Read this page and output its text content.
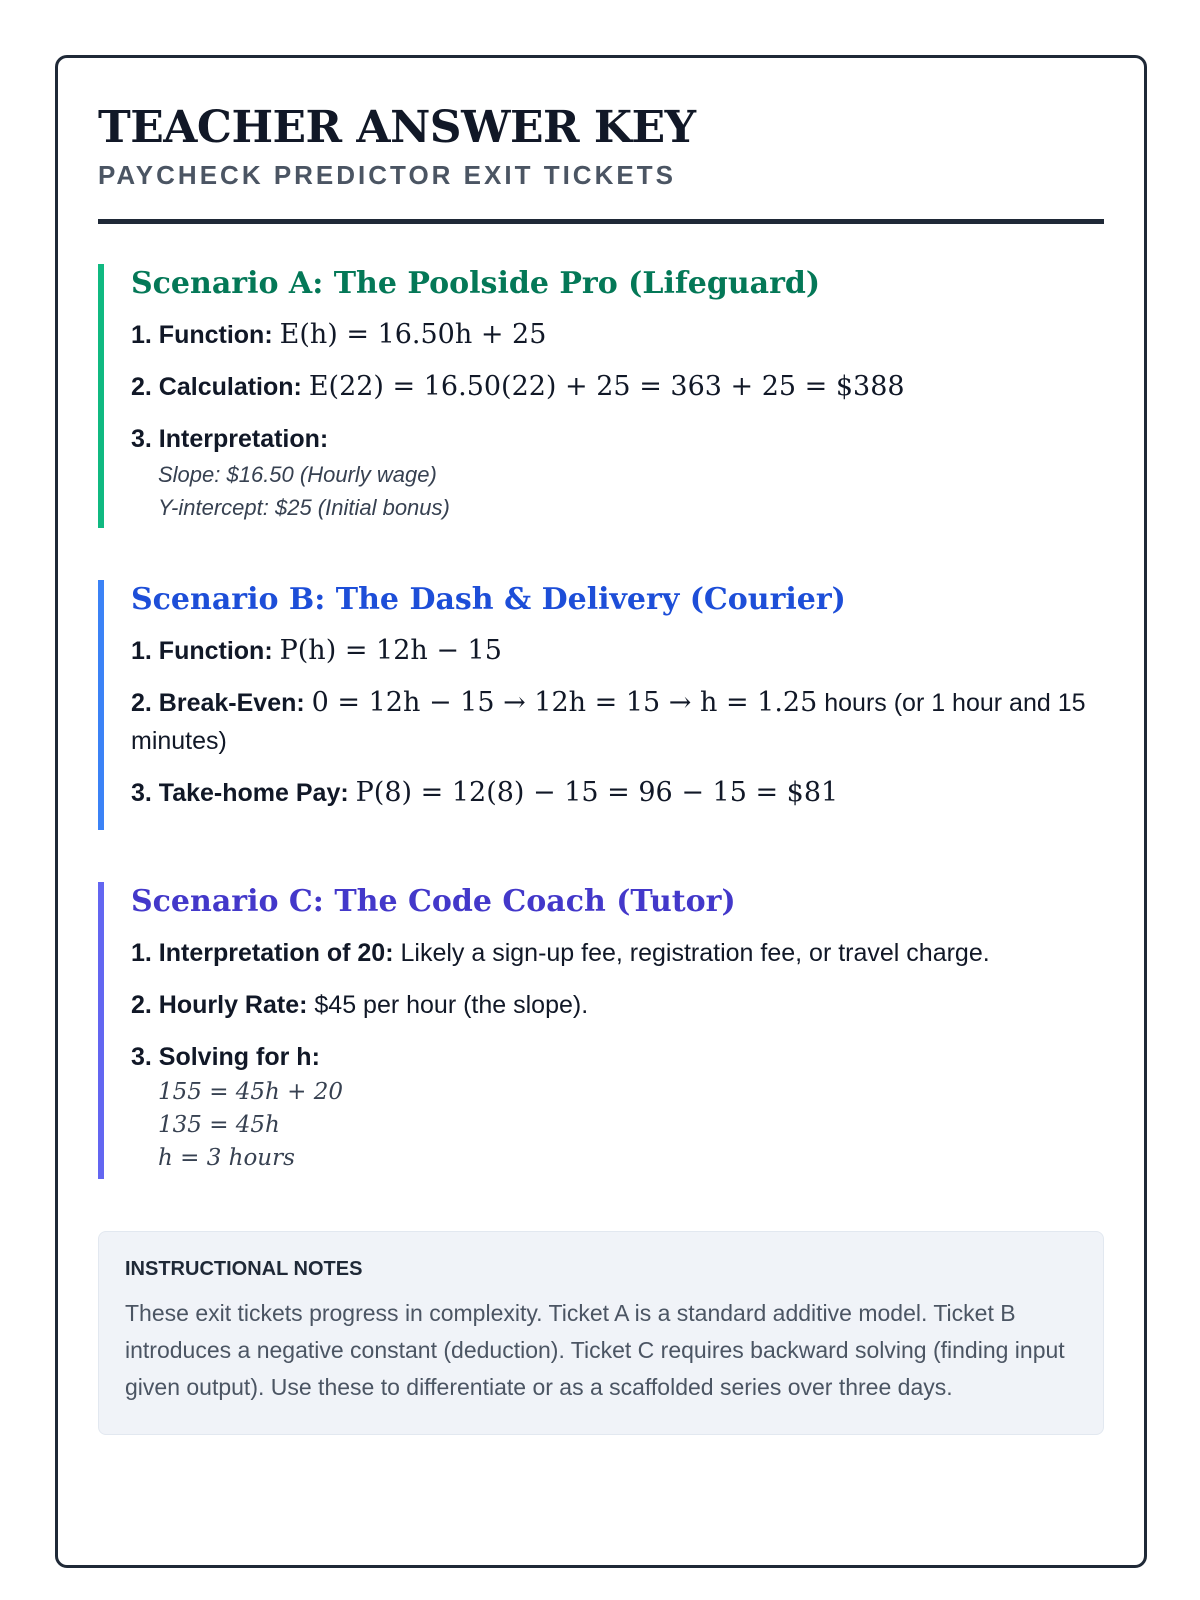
TEACHER ANSWER KEY
PAYCHECK PREDICTOR EXIT TICKETS
Scenario A: The Poolside Pro (Lifeguard)
1. Function: E(h) = 16.50h + 25
2. Calculation: E(22) = 16.50(22) + 25 = 363 + 25 = $388
3. Interpretation:
Slope: $16.50 (Hourly wage)
Y-intercept: $25 (Initial bonus)
Scenario B: The Dash & Delivery (Courier)
1. Function: P(h) = 12h − 15
2. Break-Even: 0 = 12h − 15 → 12h = 15 → h = 1.25 hours (or 1 hour and 15 minutes)
3. Take-home Pay: P(8) = 12(8) − 15 = 96 − 15 = $81
Scenario C: The Code Coach (Tutor)
1. Interpretation of 20: Likely a sign-up fee, registration fee, or travel charge.
2. Hourly Rate: $45 per hour (the slope).
3. Solving for h:
155 = 45h + 20
135 = 45h
h = 3 hours
INSTRUCTIONAL NOTES
These exit tickets progress in complexity. Ticket A is a standard additive model. Ticket B introduces a negative constant (deduction). Ticket C requires backward solving (finding input given output). Use these to differentiate or as a scaffolded series over three days.
